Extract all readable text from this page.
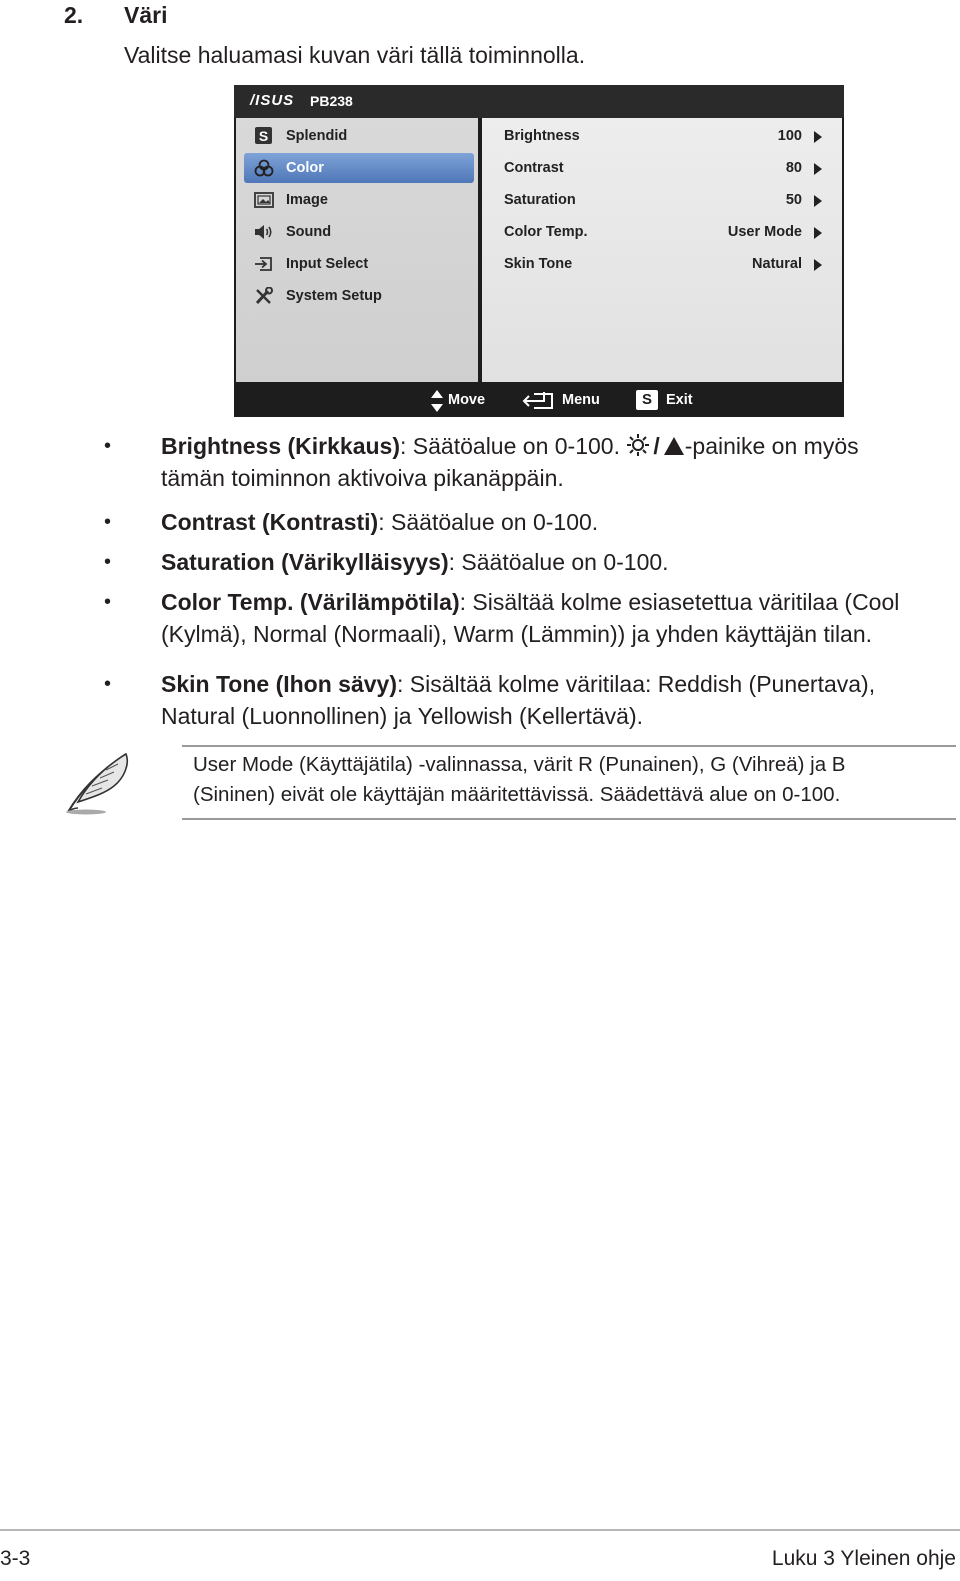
2. Väri
Valitse haluamasi kuvan väri tällä toiminnolla.
/ISUS PB238
S Splendid
Color
Image
Sound
Input Select
System Setup
Brightness	100
Contrast	80
Saturation	50
Color Temp.	User Mode
Skin Tone	Natural
Move	Menu	S Exit
• Brightness (Kirkkaus): Säätöalue on 0-100. / -painike on myös
tämän toiminnon aktivoiva pikanäppäin.
• Contrast (Kontrasti): Säätöalue on 0-100.
• Saturation (Värikylläisyys): Säätöalue on 0-100.
• Color Temp. (Värilämpötila): Sisältää kolme esiasetettua väritilaa (Cool
(Kylmä), Normal (Normaali), Warm (Lämmin)) ja yhden käyttäjän tilan.
• Skin Tone (Ihon sävy): Sisältää kolme väritilaa: Reddish (Punertava),
Natural (Luonnollinen) ja Yellowish (Kellertävä).
User Mode (Käyttäjätila) -valinnassa, värit R (Punainen), G (Vihreä) ja B
(Sininen) eivät ole käyttäjän määritettävissä. Säädettävä alue on 0-100.
3-3	Luku 3 Yleinen ohje
